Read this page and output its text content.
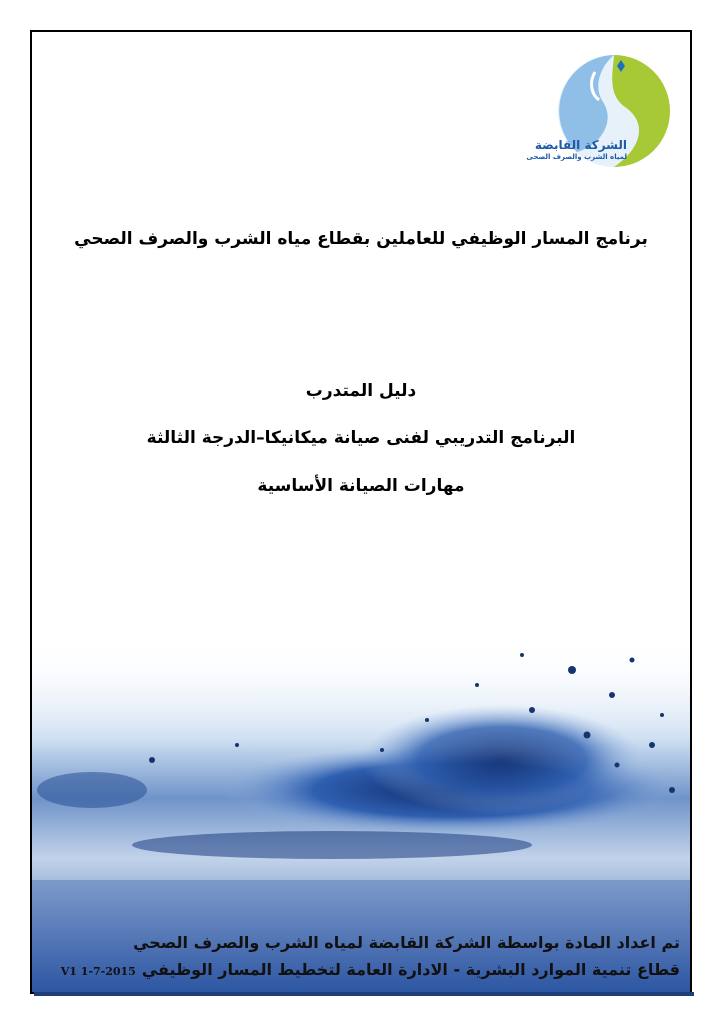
الشركة القابضة
لمياه الشرب والصرف الصحى
برنامج المسار الوظيفي للعاملين بقطاع مياه الشرب والصرف الصحي
دليل المتدرب
البرنامج التدريبي لفنى صيانة ميكانيكا–الدرجة الثالثة
مهارات الصيانة الأساسية
تم اعداد المادة بواسطة الشركة القابضة لمياه الشرب والصرف الصحي
قطاع تنمية الموارد البشرية - الادارة العامة لتخطيط المسار الوظيفيV1 1-7-2015
